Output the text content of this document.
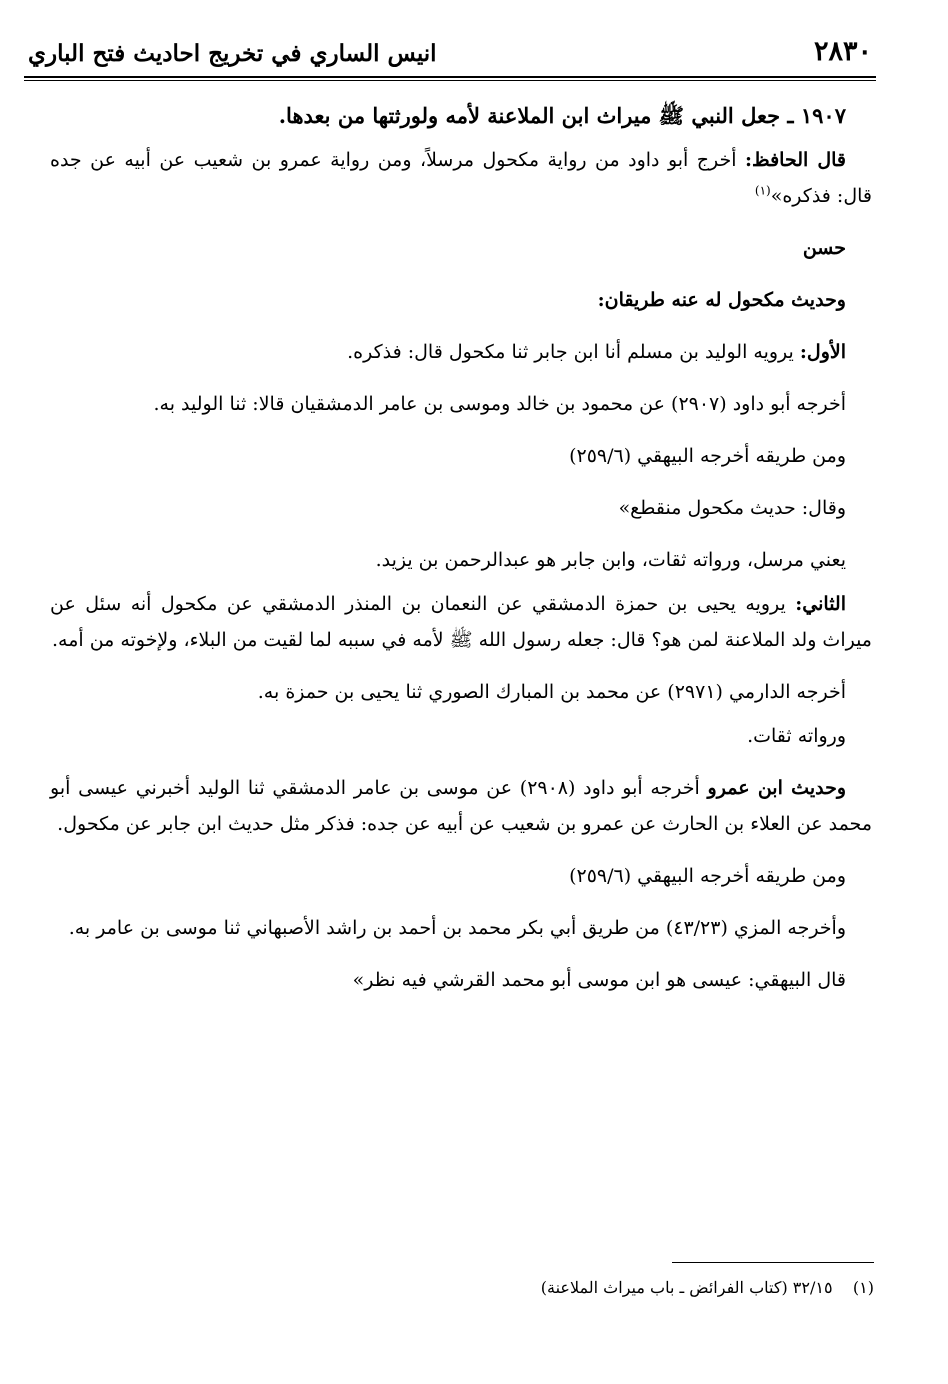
٢٨٣٠
انيس الساري في تخريج احاديث فتح الباري

١٩٠٧ ـ جعل النبي ﷺ ميراث ابن الملاعنة لأمه ولورثتها من بعدها.

قال الحافظ: أخرج أبو داود من رواية مكحول مرسلاً، ومن رواية عمرو بن شعيب عن أبيه عن جده قال: فذكره»$^{(١)}$

حسن

وحديث مكحول له عنه طريقان:

الأول: يرويه الوليد بن مسلم أنا ابن جابر ثنا مكحول قال: فذكره.

أخرجه أبو داود (٢٩٠٧) عن محمود بن خالد وموسى بن عامر الدمشقيان قالا: ثنا الوليد به.

ومن طريقه أخرجه البيهقي (٢٥٩/٦)

وقال: حديث مكحول منقطع»

يعني مرسل، ورواته ثقات، وابن جابر هو عبدالرحمن بن يزيد.

الثاني: يرويه يحيى بن حمزة الدمشقي عن النعمان بن المنذر الدمشقي عن مكحول أنه سئل عن ميراث ولد الملاعنة لمن هو؟ قال: جعله رسول الله ﷺ لأمه في سببه لما لقيت من البلاء، ولإخوته من أمه.

أخرجه الدارمي (٢٩٧١) عن محمد بن المبارك الصوري ثنا يحيى بن حمزة به.

ورواته ثقات.

وحديث ابن عمرو أخرجه أبو داود (٢٩٠٨) عن موسى بن عامر الدمشقي ثنا الوليد أخبرني عيسى أبو محمد عن العلاء بن الحارث عن عمرو بن شعيب عن أبيه عن جده: فذكر مثل حديث ابن جابر عن مكحول.

ومن طريقه أخرجه البيهقي (٢٥٩/٦)

وأخرجه المزي (٤٣/٢٣) من طريق أبي بكر محمد بن أحمد بن راشد الأصبهاني ثنا موسى بن عامر به.

قال البيهقي: عيسى هو ابن موسى أبو محمد القرشي فيه نظر»

(١)    ٣٢/١٥ (كتاب الفرائض ـ باب ميراث الملاعنة)
